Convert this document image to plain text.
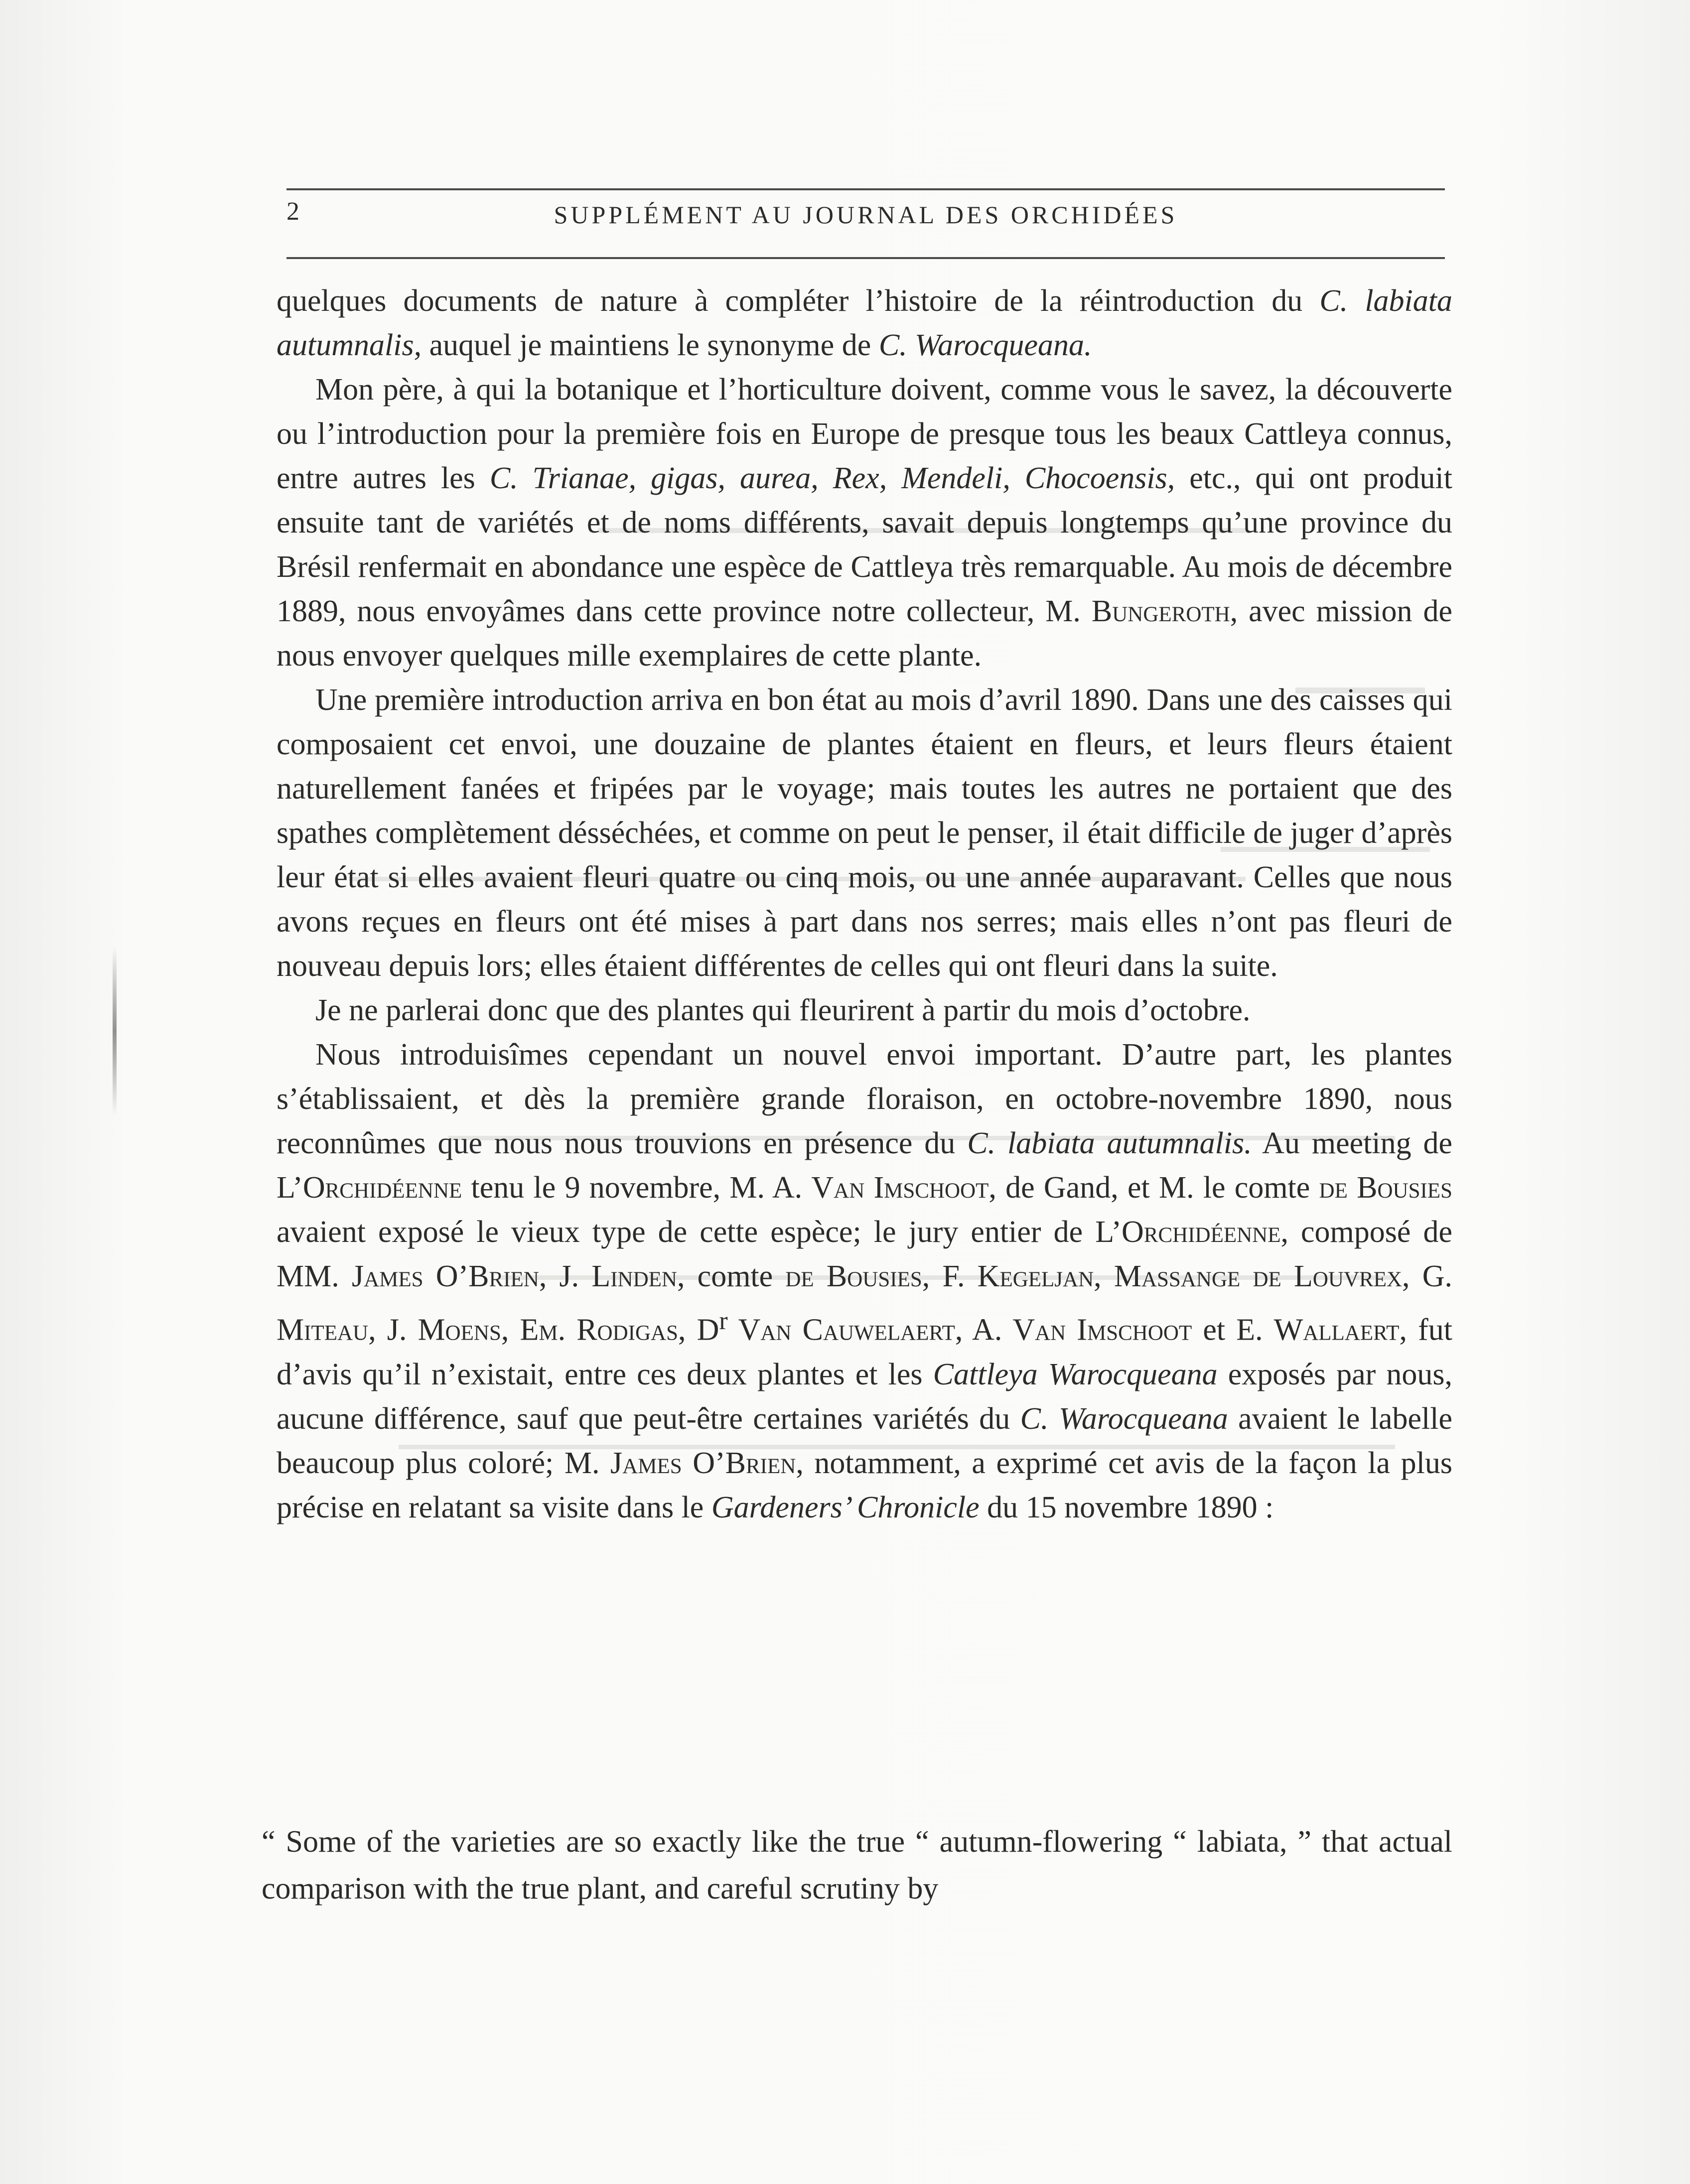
2	SUPPLÉMENT AU JOURNAL DES ORCHIDÉES

quelques documents de nature à compléter l’histoire de la réintroduction du C. labiata autumnalis, auquel je maintiens le synonyme de C. Warocqueana.

Mon père, à qui la botanique et l’horticulture doivent, comme vous le savez, la découverte ou l’introduction pour la première fois en Europe de presque tous les beaux Cattleya connus, entre autres les C. Trianae, gigas, aurea, Rex, Mendeli, Chocoensis, etc., qui ont produit ensuite tant de variétés et de noms différents, savait depuis longtemps qu’une province du Brésil renfermait en abondance une espèce de Cattleya très remarquable. Au mois de décembre 1889, nous envoyâmes dans cette province notre collecteur, M. Bungeroth, avec mission de nous envoyer quelques mille exemplaires de cette plante.

Une première introduction arriva en bon état au mois d’avril 1890. Dans une des caisses qui composaient cet envoi, une douzaine de plantes étaient en fleurs, et leurs fleurs étaient naturellement fanées et fripées par le voyage; mais toutes les autres ne portaient que des spathes complètement désséchées, et comme on peut le penser, il était difficile de juger d’après leur état si elles avaient fleuri quatre ou cinq mois, ou une année auparavant. Celles que nous avons reçues en fleurs ont été mises à part dans nos serres; mais elles n’ont pas fleuri de nouveau depuis lors; elles étaient différentes de celles qui ont fleuri dans la suite.

Je ne parlerai donc que des plantes qui fleurirent à partir du mois d’octobre.

Nous introduisîmes cependant un nouvel envoi important. D’autre part, les plantes s’établissaient, et dès la première grande floraison, en octobre-novembre 1890, nous reconnûmes que nous nous trouvions en présence du C. labiata autumnalis. Au meeting de L’Orchidéenne tenu le 9 novembre, M. A. Van Imschoot, de Gand, et M. le comte de Bousies avaient exposé le vieux type de cette espèce; le jury entier de L’Orchidéenne, composé de MM. James O’Brien, J. Linden, comte de Bousies, F. Kegeljan, Massange de Louvrex, G. Miteau, J. Moens, Em. Rodigas, $D^r$ Van Cauwelaert, A. Van Imschoot et E. Wallaert, fut d’avis qu’il n’existait, entre ces deux plantes et les Cattleya Warocqueana exposés par nous, aucune différence, sauf que peut-être certaines variétés du C. Warocqueana avaient le labelle beaucoup plus coloré; M. James O’Brien, notamment, a exprimé cet avis de la façon la plus précise en relatant sa visite dans le Gardeners’ Chronicle du 15 novembre 1890 :

“ Some of the varieties are so exactly like the true “ autumn-flowering “ labiata, ” that actual comparison with the true plant, and careful scrutiny by
